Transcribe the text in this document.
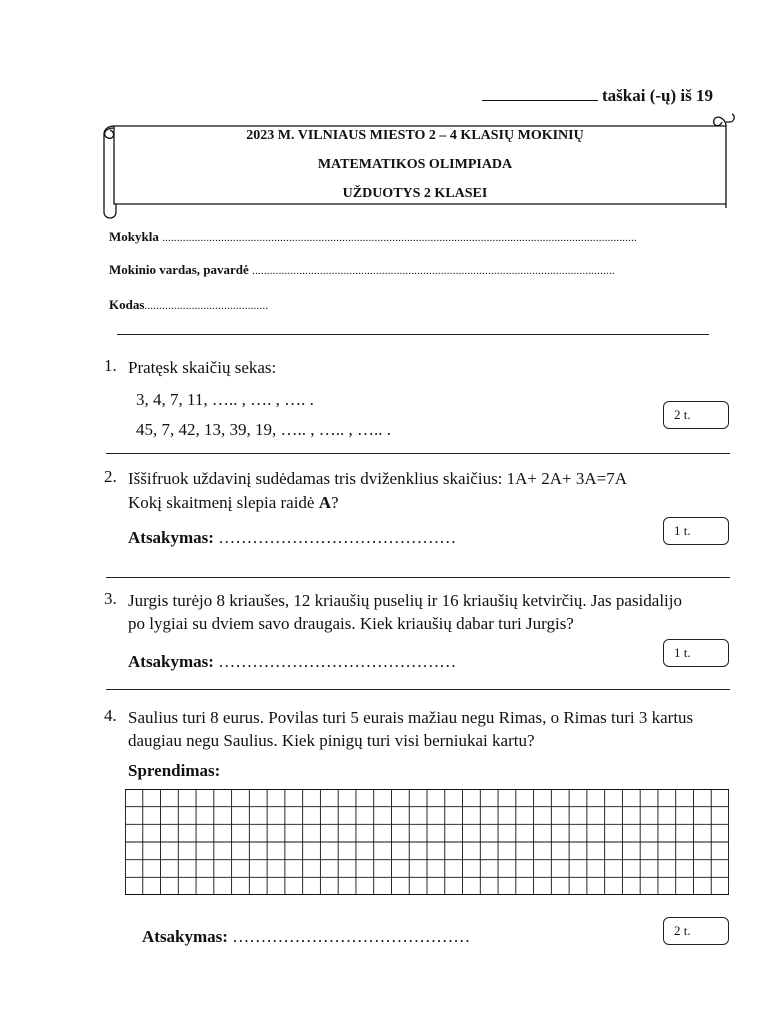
taškai (-ų) iš 19
2023 M. VILNIAUS MIESTO 2 – 4 KLASIŲ MOKINIŲ
MATEMATIKOS OLIMPIADA
UŽDUOTYS 2 KLASEI
Mokykla .................................................................................................................................................................
Mokinio vardas, pavardė ...........................................................................................................................
Kodas..........................................
1. Pratęsk skaičių sekas:
3, 4, 7, 11, ….. , …. , …. .
45, 7, 42, 13, 39, 19, ….. , ….. , ….. .
2 t.
2. Iššifruok uždavinį sudėdamas tris dviženklius skaičius: 1A+ 2A+ 3A=7A
Kokį skaitmenį slepia raidė A?
Atsakymas: ……………………………………	1 t.
3. Jurgis turėjo 8 kriaušes, 12 kriaušių puselių ir 16 kriaušių ketvirčių. Jas pasidalijo
po lygiai su dviem savo draugais. Kiek kriaušių dabar turi Jurgis?
Atsakymas: ……………………………………	1 t.
4. Saulius turi 8 eurus. Povilas turi 5 eurais mažiau negu Rimas, o Rimas turi 3 kartus
daugiau negu Saulius. Kiek pinigų turi visi berniukai kartu?
Sprendimas:
Atsakymas: ……………………………………	2 t.
